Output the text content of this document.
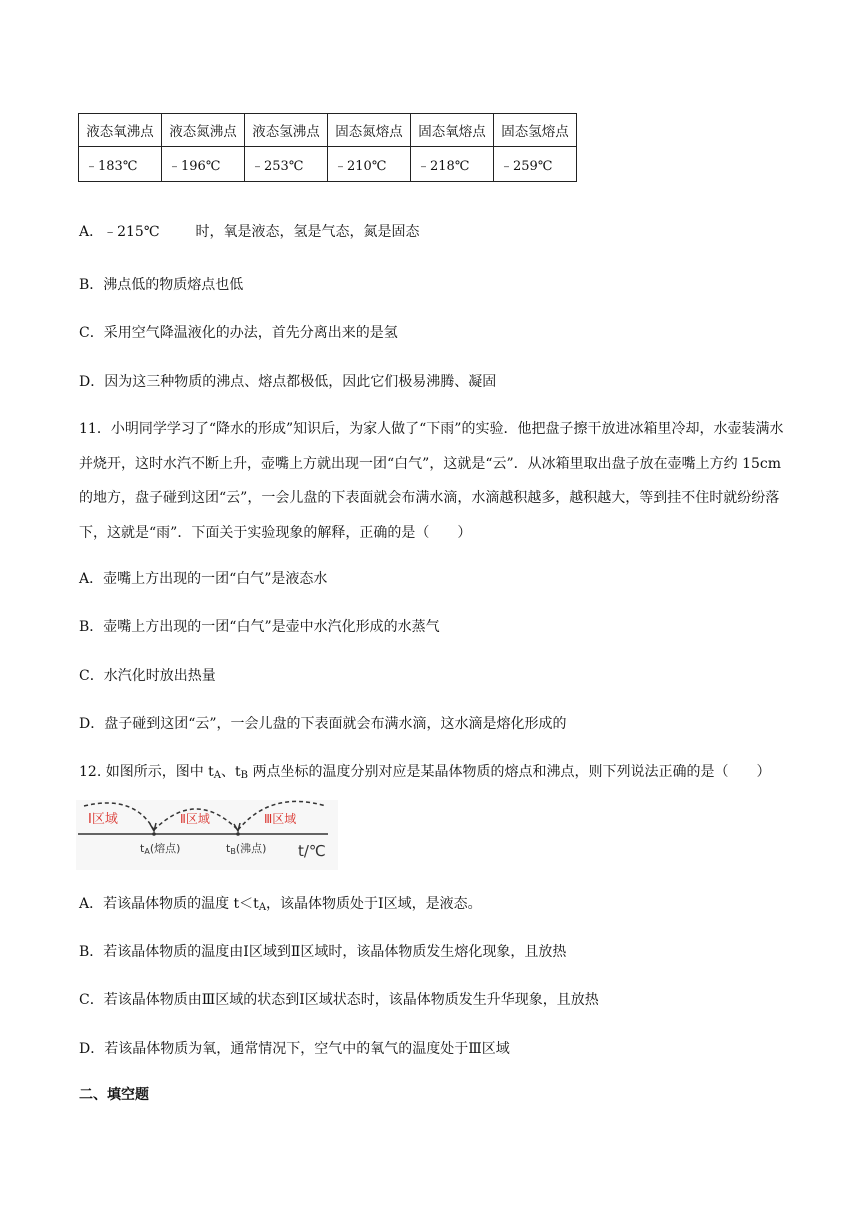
液态氧沸点	液态氮沸点	液态氢沸点	固态氮熔点	固态氧熔点	固态氢熔点
﹣183℃	﹣196℃	﹣253℃	﹣210℃	﹣218℃	﹣259℃
A．﹣215℃	时，氧是液态，氢是气态，氮是固态
B．沸点低的物质熔点也低
C．采用空气降温液化的办法，首先分离出来的是氢
D．因为这三种物质的沸点、熔点都极低，因此它们极易沸腾、凝固
11．小明同学学习了“降水的形成”知识后，为家人做了“下雨”的实验．他把盘子擦干放进冰箱里冷却，水壶装满水并烧开，这时水汽不断上升，壶嘴上方就出现一团“白气”，这就是“云”．从冰箱里取出盘子放在壶嘴上方约 15cm 的地方，盘子碰到这团“云”，一会儿盘的下表面就会布满水滴，水滴越积越多，越积越大，等到挂不住时就纷纷落下，这就是“雨”．下面关于实验现象的解释，正确的是（　　）
A．壶嘴上方出现的一团“白气”是液态水
B．壶嘴上方出现的一团“白气”是壶中水汽化形成的水蒸气
C．水汽化时放出热量
D．盘子碰到这团“云”，一会儿盘的下表面就会布满水滴，这水滴是熔化形成的
12. 如图所示，图中 $t_A$、$t_B$ 两点坐标的温度分别对应是某晶体物质的熔点和沸点，则下列说法正确的是（　　）
Ⅰ区域	Ⅱ区域	Ⅲ区域
tA(熔点)	tB(沸点) t/℃
A．若该晶体物质的温度 $t<t_A$，该晶体物质处于Ⅰ区域，是液态。
B．若该晶体物质的温度由Ⅰ区域到Ⅱ区域时，该晶体物质发生熔化现象，且放热
C．若该晶体物质由Ⅲ区域的状态到Ⅰ区域状态时，该晶体物质发生升华现象，且放热
D．若该晶体物质为氧，通常情况下，空气中的氧气的温度处于Ⅲ区域
二、填空题
